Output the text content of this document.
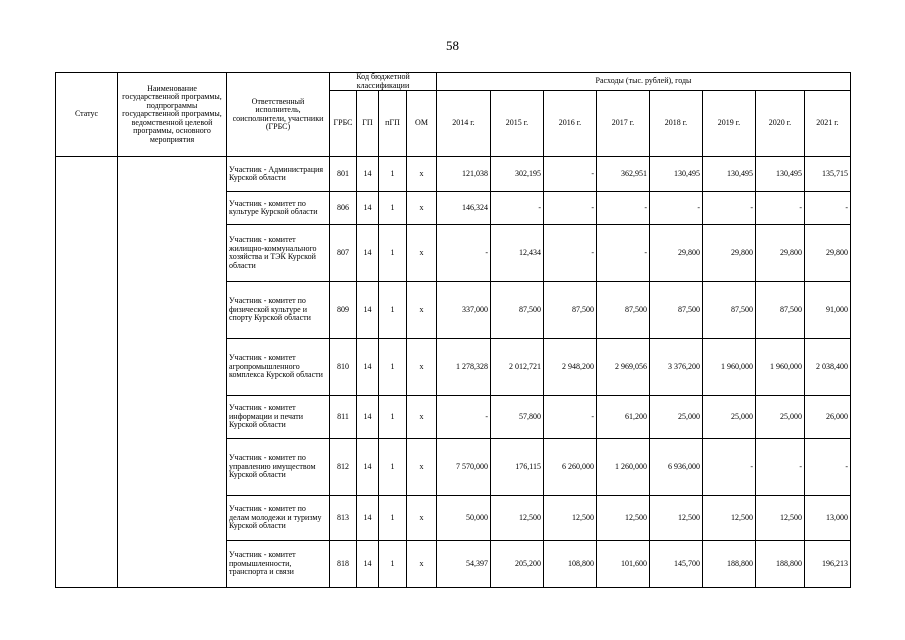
58
Статус	Наименование государственной программы, подпрограммы государственной программы, ведомственной целевой программы, основного мероприятия	Ответственный исполнитель, соисполнители, участники (ГРБС)	Код бюджетной классификации				Расходы (тыс. рублей), годы							
			ГРБС	ГП	пГП	ОМ	2014 г.	2015 г.	2016 г.	2017 г.	2018 г.	2019 г.	2020 г.	2021 г.
		Участник - Администрация Курской области	801	14	1	х	121,038	302,195	-	362,951	130,495	130,495	130,495	135,715
		Участник - комитет по культуре Курской области	806	14	1	х	146,324	-	-	-	-	-	-	-
		Участник - комитет жилищно-коммунального хозяйства и ТЭК Курской области	807	14	1	х	-	12,434	-	-	29,800	29,800	29,800	29,800
		Участник - комитет по физической культуре и спорту Курской области	809	14	1	х	337,000	87,500	87,500	87,500	87,500	87,500	87,500	91,000
		Участник - комитет агропромышленного комплекса Курской области	810	14	1	х	1 278,328	2 012,721	2 948,200	2 969,056	3 376,200	1 960,000	1 960,000	2 038,400
		Участник - комитет информации и печати Курской области	811	14	1	х	-	57,800	-	61,200	25,000	25,000	25,000	26,000
		Участник - комитет по управлению имуществом Курской области	812	14	1	х	7 570,000	176,115	6 260,000	1 260,000	6 936,000	-	-	-
		Участник - комитет по делам молодежи и туризму Курской области	813	14	1	х	50,000	12,500	12,500	12,500	12,500	12,500	12,500	13,000
		Участник - комитет промышленности, транспорта и связи	818	14	1	х	54,397	205,200	108,800	101,600	145,700	188,800	188,800	196,213
